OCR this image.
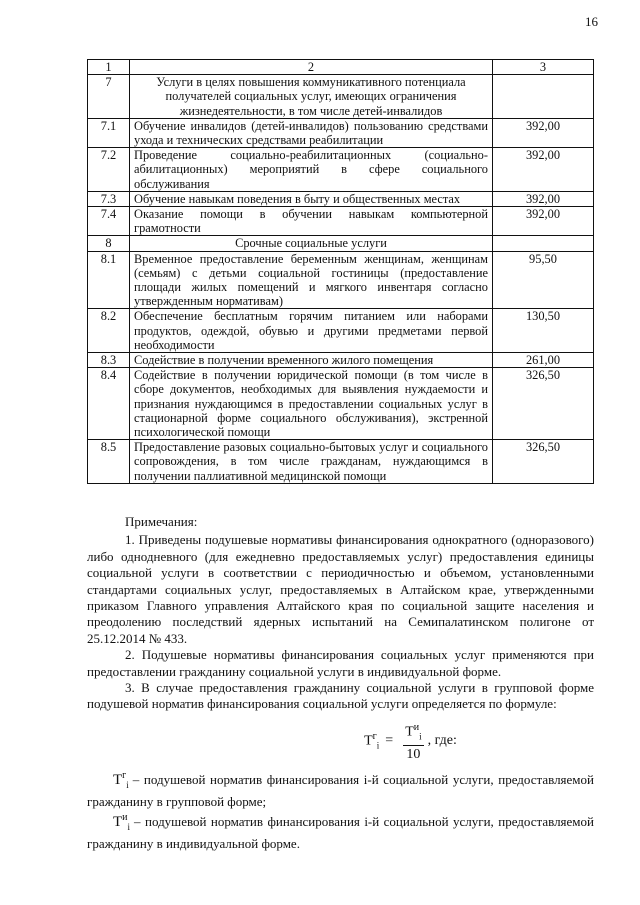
16
1	2	3
7	Услуги в целях повышения коммуникативного потенциала получателей социальных услуг, имеющих ограничения жизнедеятельности, в том числе детей-инвалидов	
7.1	Обучение инвалидов (детей-инвалидов) пользованию средствами ухода и технических средствами реабилитации	392,00
7.2	Проведение социально-реабилитационных (социально-абилитационных) мероприятий в сфере социального обслуживания	392,00
7.3	Обучение навыкам поведения в быту и общественных местах	392,00
7.4	Оказание помощи в обучении навыкам компьютерной грамотности	392,00
8	Срочные социальные услуги	
8.1	Временное предоставление беременным женщинам, женщинам (семьям) с детьми социальной гостиницы (предоставление площади жилых помещений и мягкого инвентаря согласно утвержденным нормативам)	95,50
8.2	Обеспечение бесплатным горячим питанием или наборами продуктов, одеждой, обувью и другими предметами первой необходимости	130,50
8.3	Содействие в получении временного жилого помещения	261,00
8.4	Содействие в получении юридической помощи (в том числе в сборе документов, необходимых для выявления нуждаемости и признания нуждающимся в предоставлении социальных услуг в стационарной форме социального обслуживания), экстренной психологической помощи	326,50
8.5	Предоставление разовых социально-бытовых услуг и социального сопровождения, в том числе гражданам, нуждающимся в получении паллиативной медицинской помощи	326,50

Примечания:

1. Приведены подушевые нормативы финансирования однократного (одноразового) либо однодневного (для ежедневно предоставляемых услуг) предоставления единицы социальной услуги в соответствии с периодичностью и объемом, установленными стандартами социальных услуг, предоставляемых в Алтайском крае, утвержденными приказом Главного управления Алтайского края по социальной защите населения и преодолению последствий ядерных испытаний на Семипалатинском полигоне от 25.12.2014 № 433.

2. Подушевые нормативы финансирования социальных услуг применяются при предоставлении гражданину социальной услуги в индивидуальной форме.

3. В случае предоставления гражданину социальной услуги в групповой форме подушевой норматив финансирования социальной услуги определяется по формуле:

$T^г_i = \frac{T^и_i}{10}$ , где:

$T^г_i$ – подушевой норматив финансирования i-й социальной услуги, предоставляемой гражданину в групповой форме;

$T^и_i$ – подушевой норматив финансирования i-й социальной услуги, предоставляемой гражданину в индивидуальной форме.
